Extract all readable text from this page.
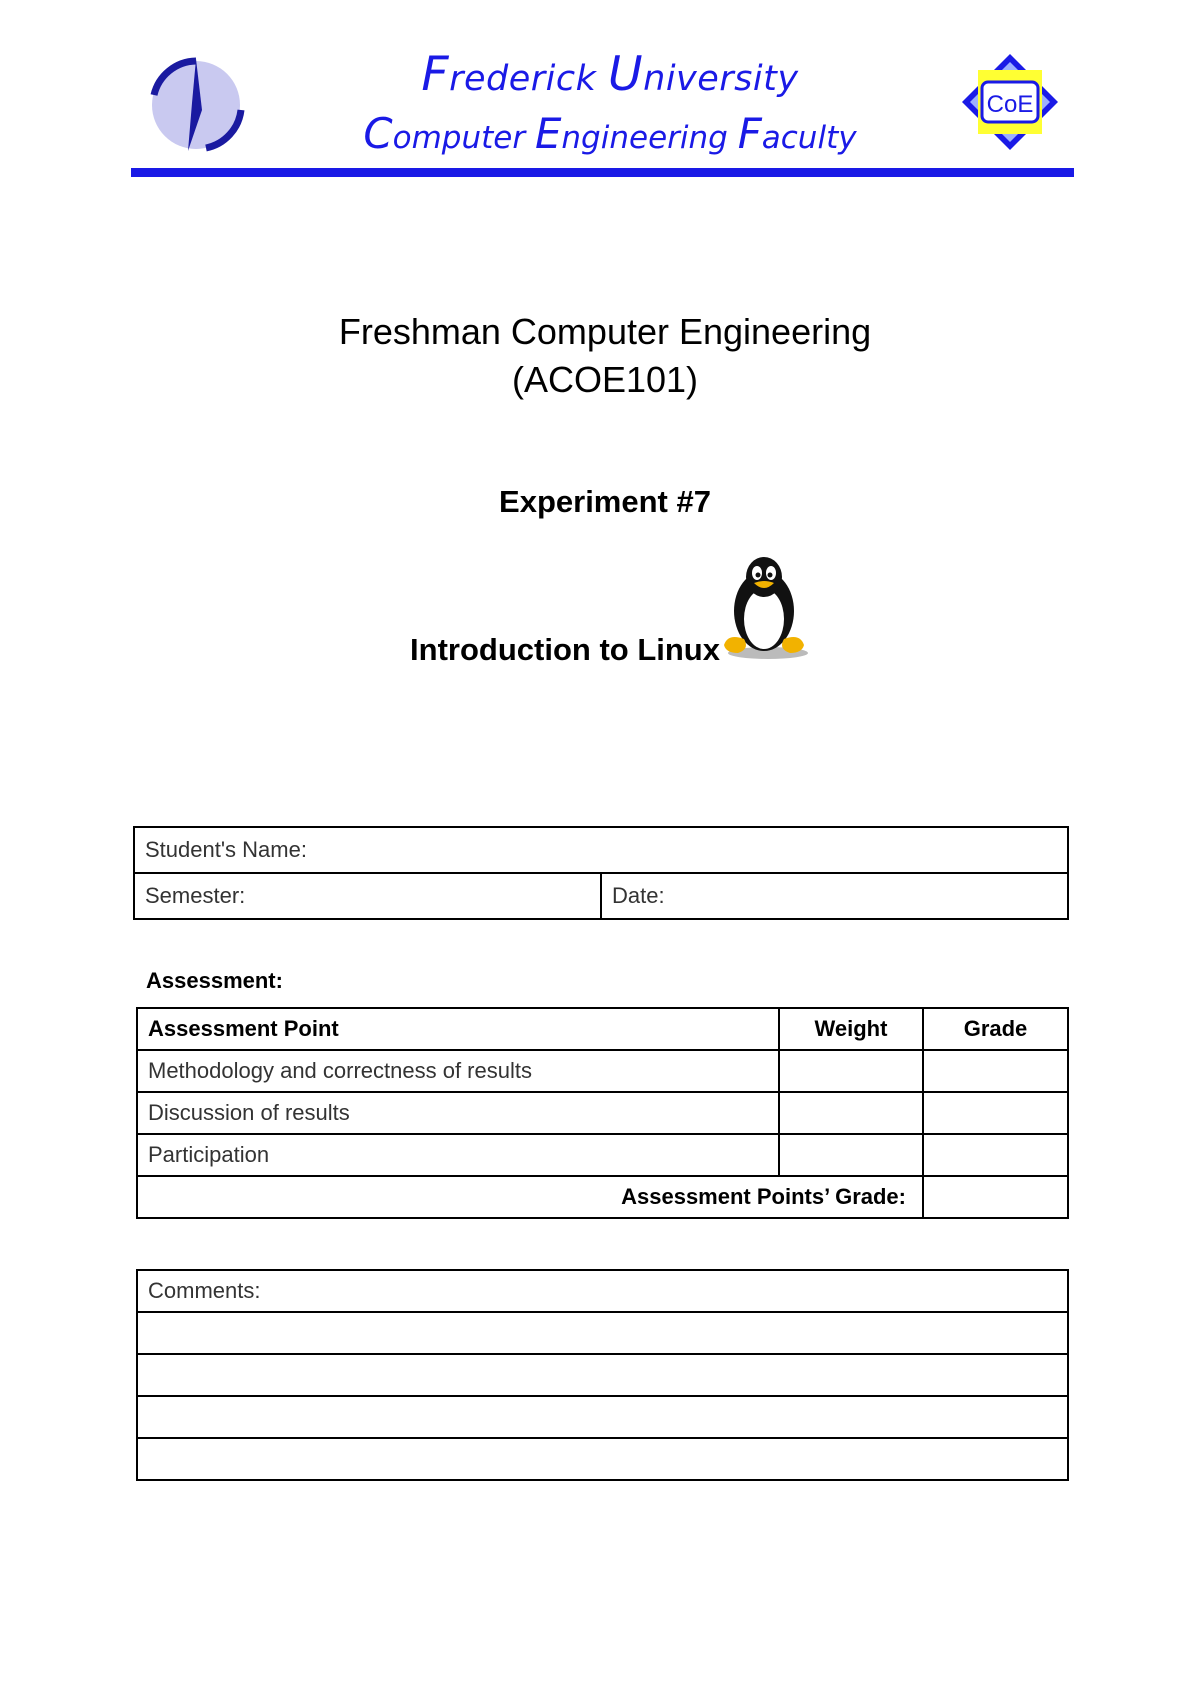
Frederick University
Computer Engineering Faculty
CoE
Freshman Computer Engineering
(ACOE101)
Experiment #7
Introduction to Linux
Student's Name:
Semester:	Date:
Assessment:
Assessment Point	Weight	Grade
Methodology and correctness of results		
Discussion of results		
Participation		
Assessment Points’ Grade:		
Comments:
